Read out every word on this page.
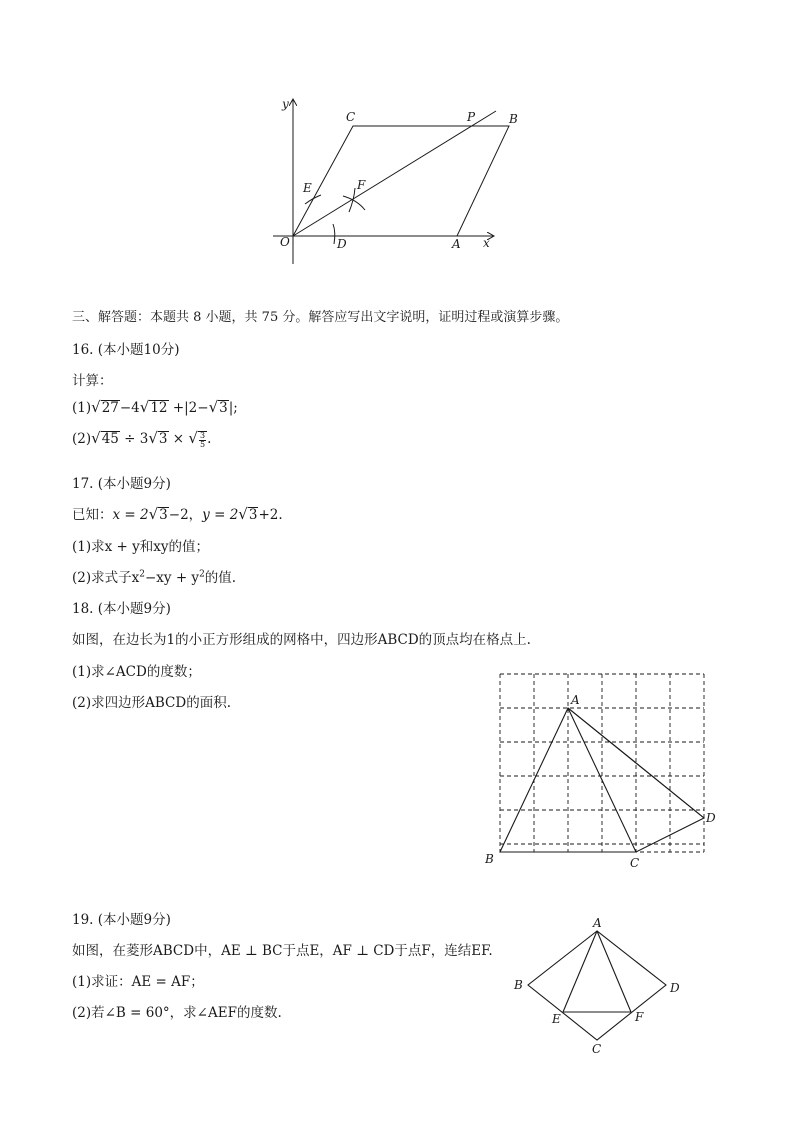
y
x
O	A
B
C	P
D
E	F
三、解答题：本题共 8 小题，共 75 分。解答应写出文字说明，证明过程或演算步骤。
16. (本小题10分)
计算：
(1)√27−4√12 +|2−√3|;
(2)√45 ÷ 3√3 × √ $\frac{3}{5}$ .
17. (本小题9分)
已知：x = 2√3−2，y = 2√3+2.
(1)求x + y和xy的值；
(2)求式子$x^2-xy + y^2$的值.
18. (本小题9分)
如图，在边长为1的小正方形组成的网格中，四边形ABCD的顶点均在格点上.
(1)求∠ACD的度数；
(2)求四边形ABCD的面积.	A
B	C
D
19. (本小题9分)
如图，在菱形ABCD中，AE ⊥ BC于点E，AF ⊥ CD于点F，连结EF.
(1)求证：AE = AF；
(2)若∠B = 60°，求∠AEF的度数.
A
B
C
D
E	F
